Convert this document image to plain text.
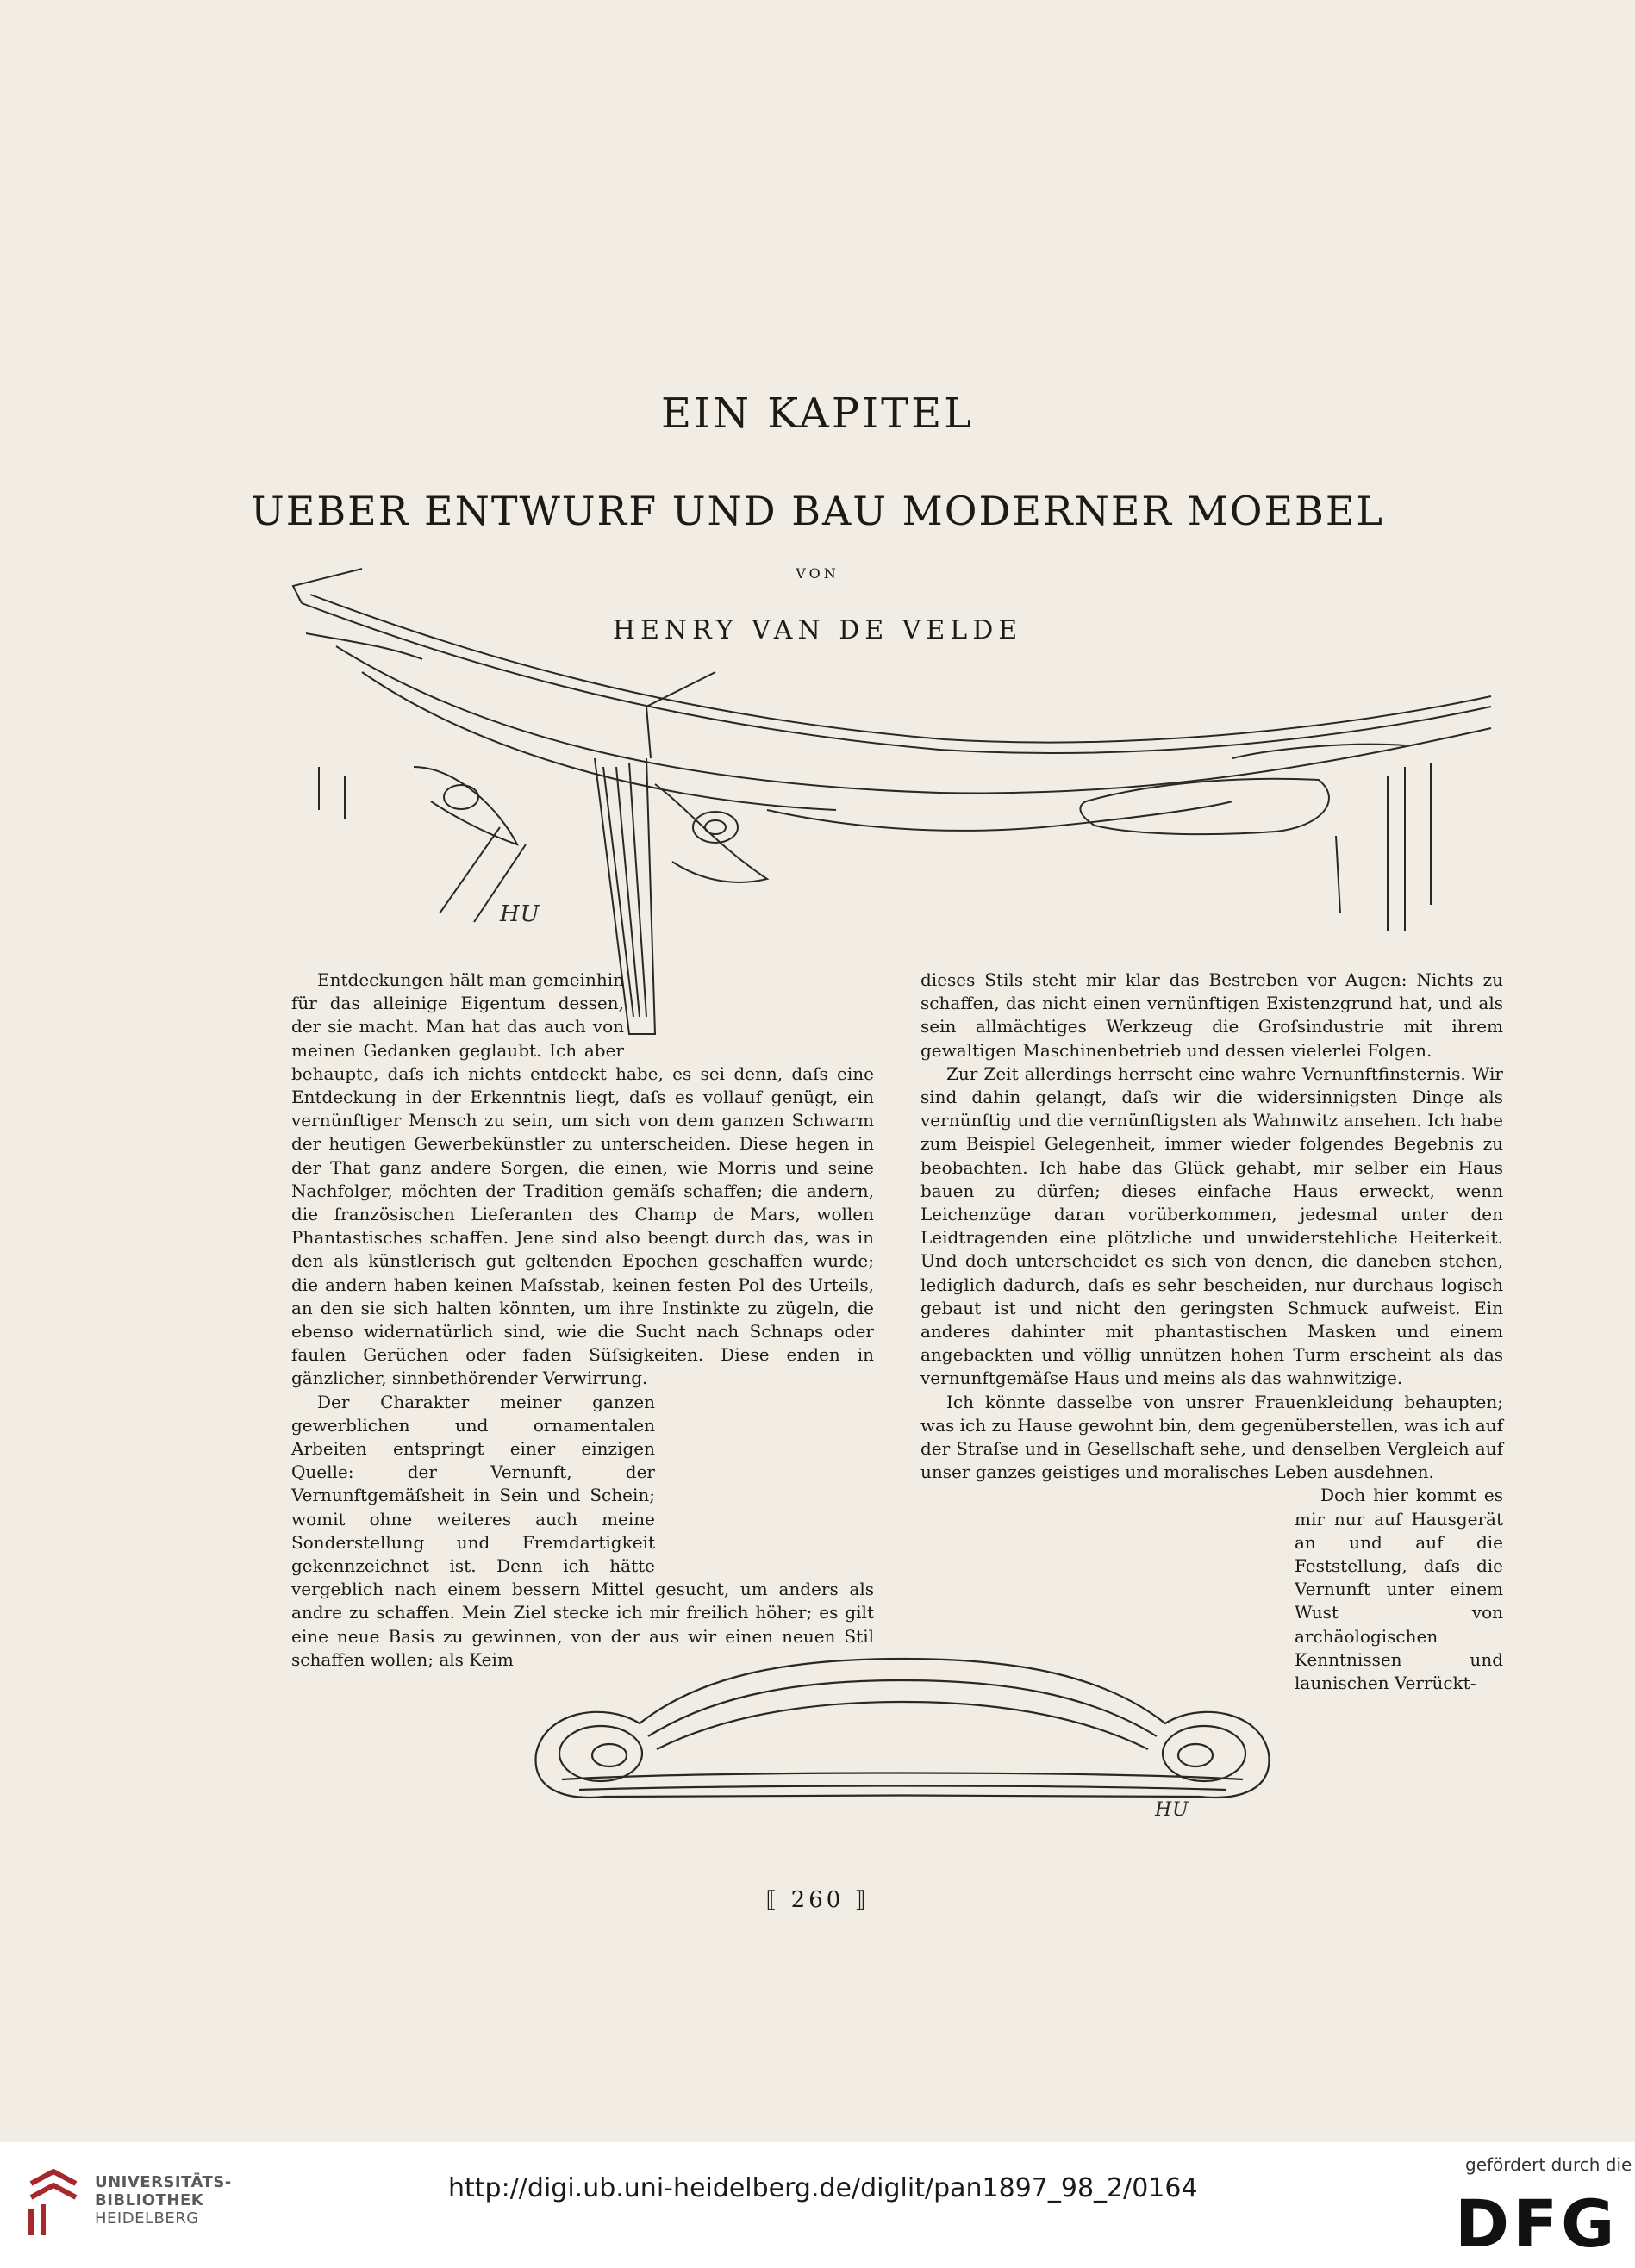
EIN KAPITEL
UEBER ENTWURF UND BAU MODERNER MOEBEL
VON
HENRY VAN DE VELDE
HU

Entdeckungen hält man gemeinhin für das alleinige Eigentum dessen, der sie macht. Man hat das auch von meinen Gedanken geglaubt. Ich aber behaupte, daſs ich nichts entdeckt habe, es sei denn, daſs eine Entdeckung in der Erkenntnis liegt, daſs es vollauf genügt, ein vernünftiger Mensch zu sein, um sich von dem ganzen Schwarm der heutigen Gewerbekünstler zu unterscheiden. Diese hegen in der That ganz andere Sorgen, die einen, wie Morris und seine Nachfolger, möchten der Tradition gemäſs schaffen; die andern, die französischen Lieferanten des Champ de Mars, wollen Phantastisches schaffen. Jene sind also beengt durch das, was in den als künstlerisch gut geltenden Epochen geschaffen wurde; die andern haben keinen Maſsstab, keinen festen Pol des Urteils, an den sie sich halten könnten, um ihre Instinkte zu zügeln, die ebenso widernatürlich sind, wie die Sucht nach Schnaps oder faulen Gerüchen oder faden Süſsigkeiten. Diese enden in gänzlicher, sinnbethörender Verwirrung.

Der Charakter meiner ganzen gewerblichen und ornamentalen Arbeiten entspringt einer einzigen Quelle: der Vernunft, der Vernunftgemäſsheit in Sein und Schein; womit ohne weiteres auch meine Sonderstellung und Fremdartigkeit gekennzeichnet ist. Denn ich hätte vergeblich nach einem bessern Mittel gesucht, um anders als andre zu schaffen. Mein Ziel stecke ich mir freilich höher; es gilt eine neue Basis zu gewinnen, von der aus wir einen neuen Stil schaffen wollen; als Keim

dieses Stils steht mir klar das Bestreben vor Augen: Nichts zu schaffen, das nicht einen vernünftigen Existenzgrund hat, und als sein allmächtiges Werkzeug die Groſsindustrie mit ihrem gewaltigen Maschinenbetrieb und dessen vielerlei Folgen.

Zur Zeit allerdings herrscht eine wahre Vernunftfinsternis. Wir sind dahin gelangt, daſs wir die widersinnigsten Dinge als vernünftig und die vernünftigsten als Wahnwitz ansehen. Ich habe zum Beispiel Gelegenheit, immer wieder folgendes Begebnis zu beobachten. Ich habe das Glück gehabt, mir selber ein Haus bauen zu dürfen; dieses einfache Haus erweckt, wenn Leichenzüge daran vorüberkommen, jedesmal unter den Leidtragenden eine plötzliche und unwiderstehliche Heiterkeit. Und doch unterscheidet es sich von denen, die daneben stehen, lediglich dadurch, daſs es sehr bescheiden, nur durchaus logisch gebaut ist und nicht den geringsten Schmuck aufweist. Ein anderes dahinter mit phantastischen Masken und einem angebackten und völlig unnützen hohen Turm erscheint als das vernunftgemäſse Haus und meins als das wahnwitzige.

Ich könnte dasselbe von unsrer Frauenkleidung behaupten; was ich zu Hause gewohnt bin, dem gegenüberstellen, was ich auf der Straſse und in Gesellschaft sehe, und denselben Vergleich auf unser ganzes geistiges und moralisches Leben ausdehnen.

Doch hier kommt es mir nur auf Hausgerät an und auf die Feststellung, daſs die Vernunft unter einem Wust von archäologischen Kenntnissen und launischen Verrückt-

HU
⟦ 260 ⟧
UNIVERSITÄTS-
BIBLIOTHEK
HEIDELBERG
http://digi.ub.uni-heidelberg.de/diglit/pan1897_98_2/0164
gefördert durch die
DFG
